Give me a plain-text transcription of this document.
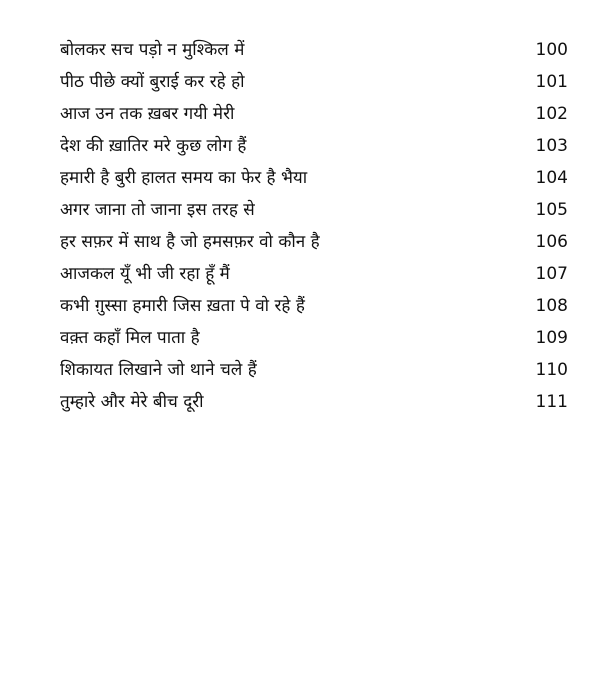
बोलकर सच पड़ो न मुश्किल में	100
पीठ पीछे क्यों बुराई कर रहे हो	101
आज उन तक ख़बर गयी मेरी	102
देश की ख़ातिर मरे कुछ लोग हैं	103
हमारी है बुरी हालत समय का फेर है भैया	104
अगर जाना तो जाना इस तरह से	105
हर सफ़र में साथ है जो हमसफ़र वो कौन है	106
आजकल यूँ भी जी रहा हूँ मैं	107
कभी ग़ुस्सा हमारी जिस ख़ता पे वो रहे हैं	108
वक़्त कहाँ मिल पाता है	109
शिकायत लिखाने जो थाने चले हैं	110
तुम्हारे और मेरे बीच दूरी	111
